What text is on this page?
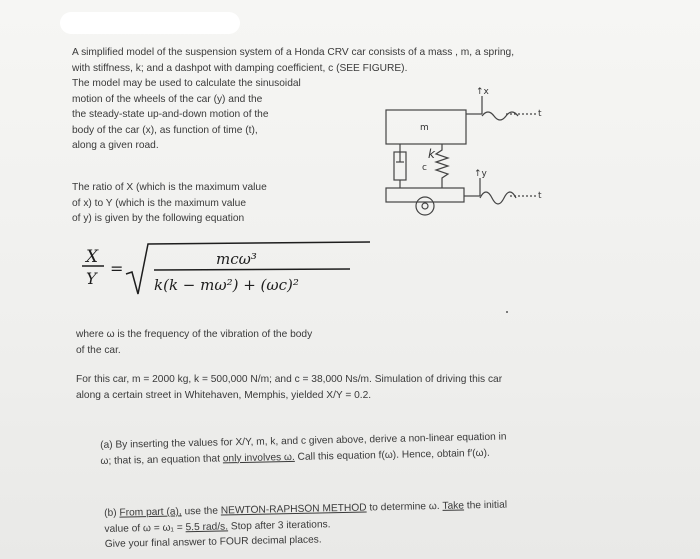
A simplified model of the suspension system of a Honda CRV car consists of a mass , m, a spring,
with stiffness, k; and a dashpot with damping coefficient, c (SEE FIGURE).
The model may be used to calculate the sinusoidal
motion of the wheels of the car (y) and the
the steady-state up-and-down motion of the
body of the car (x), as function of time (t),
along a given road.
The ratio of X (which is the maximum value
of x) to Y (which is the maximum value
of y) is given by the following equation
X
Y
=	mcω³
k(k − mω²) + (ωc)²
m
c
k
↑x
↑y
t
t
where ω is the frequency of the vibration of the body
of the car.
For this car, m = 2000 kg, k = 500,000 N/m; and c = 38,000 Ns/m. Simulation of driving this car
along a certain street in Whitehaven, Memphis, yielded X/Y = 0.2.
(a) By inserting the values for X/Y, m, k, and c given above, derive a non-linear equation in
ω; that is, an equation that only involves ω. Call this equation f(ω). Hence, obtain f′(ω).
(b) From part (a), use the NEWTON-RAPHSON METHOD to determine ω. Take the initial
value of ω = ω₁ = 5.5 rad/s. Stop after 3 iterations.
Give your final answer to FOUR decimal places.
